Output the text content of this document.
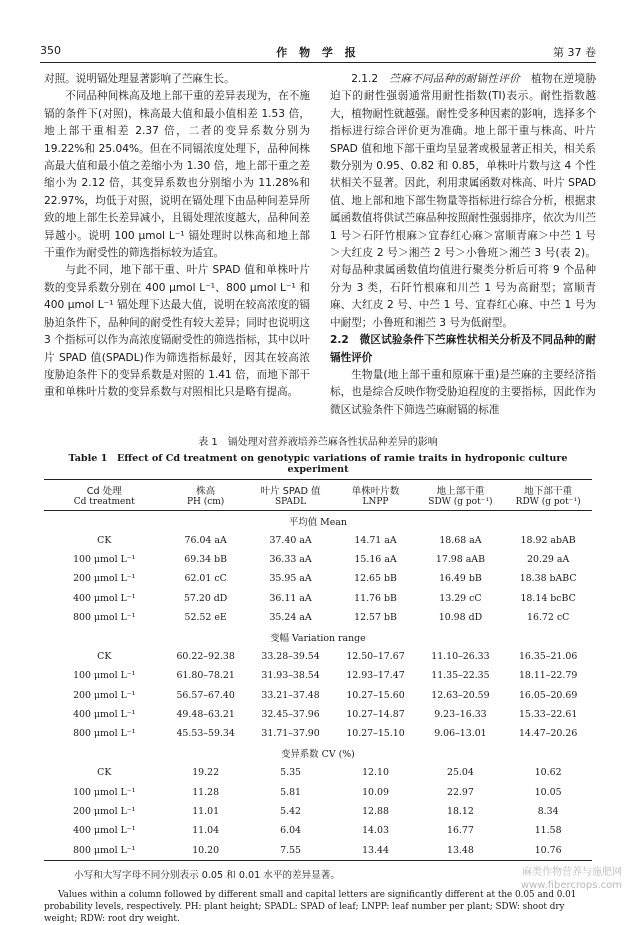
350	作 物 学 报	第 37 卷

对照。说明镉处理显著影响了苎麻生长。

不同品种间株高及地上部干重的差异表现为，在不施镉的条件下(对照)，株高最大值和最小值相差 1.53 倍，地上部干重相差 2.37 倍，二者的变异系数分别为 19.22%和 25.04%。但在不同镉浓度处理下，品种间株高最大值和最小值之差缩小为 1.30 倍，地上部干重之差缩小为 2.12 倍，其变异系数也分别缩小为 11.28%和 22.97%，均低于对照，说明在镉处理下由品种间差异所致的地上部生长差异减小，且镉处理浓度越大，品种间差异越小。说明 100 μmol L⁻¹ 镉处理时以株高和地上部干重作为耐受性的筛选指标较为适宜。

与此不同，地下部干重、叶片 SPAD 值和单株叶片数的变异系数分别在 400 μmol L⁻¹、800 μmol L⁻¹ 和 400 μmol L⁻¹ 镉处理下达最大值，说明在较高浓度的镉胁迫条件下，品种间的耐受性有较大差异；同时也说明这 3 个指标可以作为高浓度镉耐受性的筛选指标，其中以叶片 SPAD 值(SPADL)作为筛选指标最好，因其在较高浓度胁迫条件下的变异系数是对照的 1.41 倍，而地下部干重和单株叶片数的变异系数与对照相比只是略有提高。

2.1.2　 苎麻不同品种的耐镉性评价　 植物在逆境胁迫下的耐性强弱通常用耐性指数(TI)表示。耐性指数越大，植物耐性就越强。耐性受多种因素的影响，选择多个指标进行综合评价更为准确。地上部干重与株高、叶片 SPAD 值和地下部干重均呈显著或极显著正相关，相关系数分别为 0.95、0.82 和 0.85，单株叶片数与这 4 个性状相关不显著。因此，利用隶属函数对株高、叶片 SPAD 值、地上部和地下部生物量等指标进行综合分析，根据隶属函数值将供试苎麻品种按照耐性强弱排序，依次为川苎 1 号＞石阡竹根麻＞宜春红心麻＞富顺青麻＞中苎 1 号＞大红皮 2 号＞湘苎 2 号＞小鲁班＞湘苎 3 号(表 2)。对每品种隶属函数值均值进行聚类分析后可将 9 个品种分为 3 类，石阡竹根麻和川苎 1 号为高耐型；富顺青麻、大红皮 2 号、中苎 1 号、宜春红心麻、中苎 1 号为中耐型；小鲁班和湘苎 3 号为低耐型。

2.2　微区试验条件下苎麻性状相关分析及不同品种的耐镉性评价

生物量(地上部干重和原麻干重)是苎麻的主要经济指标，也是综合反映作物受胁迫程度的主要指标，因此作为微区试验条件下筛选苎麻耐镉的标准

表 1　镉处理对营养液培养苎麻各性状品种差异的影响

Table 1　Effect of Cd treatment on genotypic variations of ramie traits in hydroponic culture experiment

Cd 处理	株高	叶片 SPAD 值	单株叶片数	地上部干重	地下部干重
Cd treatment	PH (cm)	SPADL	LNPP	SDW (g pot⁻¹)	RDW (g pot⁻¹)
平均值 Mean					
CK	76.04 aA	37.40 aA	14.71 aA	18.68 aA	18.92 abAB
100 μmol L⁻¹	69.34 bB	36.33 aA	15.16 aA	17.98 aAB	20.29 aA
200 μmol L⁻¹	62.01 cC	35.95 aA	12.65 bB	16.49 bB	18.38 bABC
400 μmol L⁻¹	57.20 dD	36.11 aA	11.76 bB	13.29 cC	18.14 bcBC
800 μmol L⁻¹	52.52 eE	35.24 aA	12.57 bB	10.98 dD	16.72 cC
变幅 Variation range					
CK	60.22–92.38	33.28–39.54	12.50–17.67	11.10–26.33	16.35–21.06
100 μmol L⁻¹	61.80–78.21	31.93–38.54	12.93–17.47	11.35–22.35	18.11–22.79
200 μmol L⁻¹	56.57–67.40	33.21–37.48	10.27–15.60	12.63–20.59	16.05–20.69
400 μmol L⁻¹	49.48–63.21	32.45–37.96	10.27–14.87	9.23–16.33	15.33–22.61
800 μmol L⁻¹	45.53–59.34	31.71–37.90	10.27–15.10	9.06–13.01	14.47–20.26
变异系数 CV (%)					
CK	19.22	5.35	12.10	25.04	10.62
100 μmol L⁻¹	11.28	5.81	10.09	22.97	10.05
200 μmol L⁻¹	11.01	5.42	12.88	18.12	8.34
400 μmol L⁻¹	11.04	6.04	14.03	16.77	11.58
800 μmol L⁻¹	10.20	7.55	13.44	13.48	10.76

小写和大写字母不同分别表示 0.05 和 0.01 水平的差异显著。

Values within a column followed by different small and capital letters are significantly different at the 0.05 and 0.01 probability levels, respectively. PH: plant height; SPADL: SPAD of leaf; LNPP: leaf number per plant; SDW: shoot dry weight; RDW: root dry weight.

麻类作物营养与施肥网
www.fibercrops.com
